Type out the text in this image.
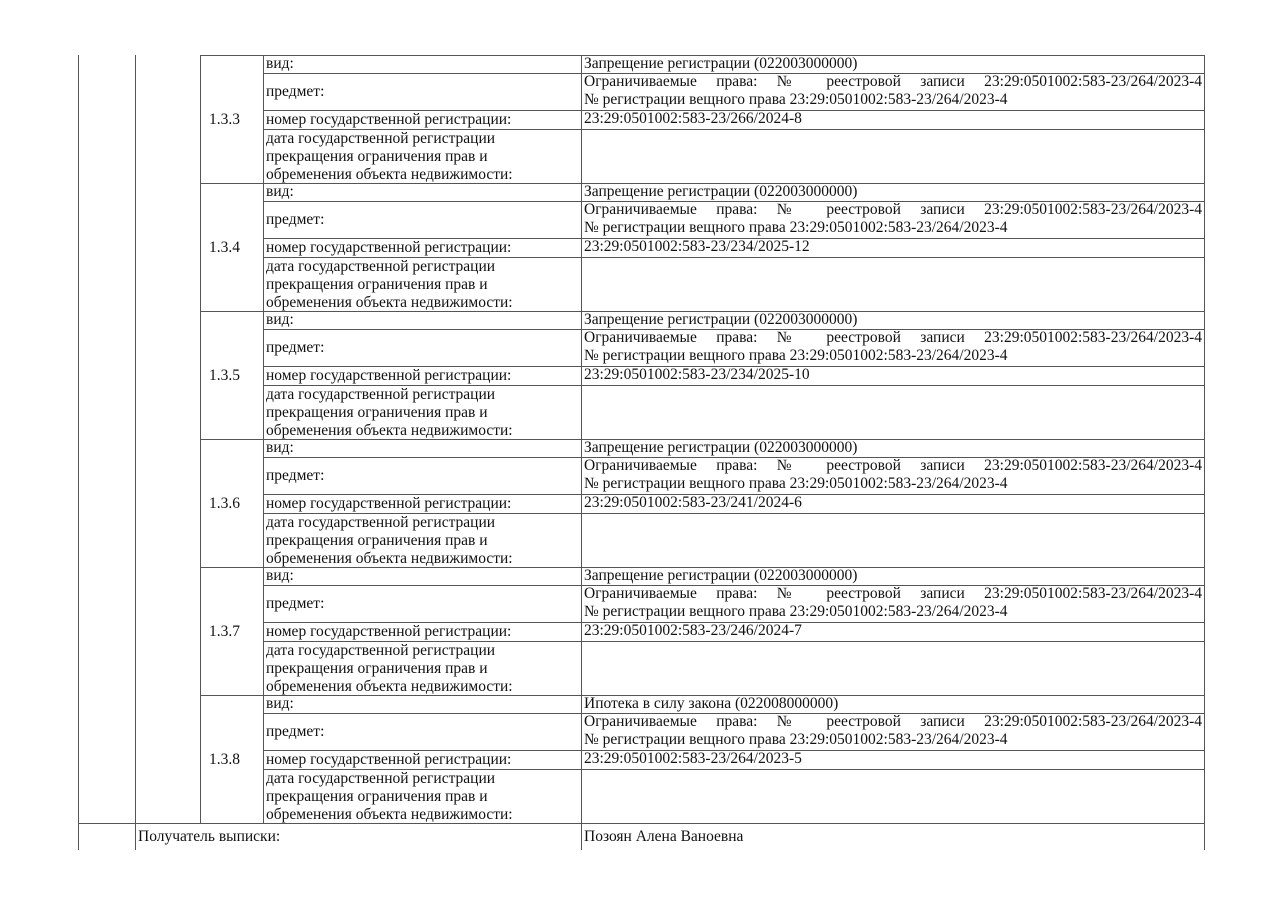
1.3.3
вид:
предмет:
номер государственной регистрации:
дата государственной регистрации
прекращения ограничения прав и
обременения объекта недвижимости:
Запрещение регистрации (022003000000)
Ограничиваемые права: № реестровой записи 23:29:0501002:583-23/264/2023-4
№ регистрации вещного права 23:29:0501002:583-23/264/2023-4
23:29:0501002:583-23/266/2024-8
1.3.4
вид:
предмет:
номер государственной регистрации:
дата государственной регистрации
прекращения ограничения прав и
обременения объекта недвижимости:
Запрещение регистрации (022003000000)
Ограничиваемые права: № реестровой записи 23:29:0501002:583-23/264/2023-4
№ регистрации вещного права 23:29:0501002:583-23/264/2023-4
23:29:0501002:583-23/234/2025-12
1.3.5
вид:
предмет:
номер государственной регистрации:
дата государственной регистрации
прекращения ограничения прав и
обременения объекта недвижимости:
Запрещение регистрации (022003000000)
Ограничиваемые права: № реестровой записи 23:29:0501002:583-23/264/2023-4
№ регистрации вещного права 23:29:0501002:583-23/264/2023-4
23:29:0501002:583-23/234/2025-10
1.3.6
вид:
предмет:
номер государственной регистрации:
дата государственной регистрации
прекращения ограничения прав и
обременения объекта недвижимости:
Запрещение регистрации (022003000000)
Ограничиваемые права: № реестровой записи 23:29:0501002:583-23/264/2023-4
№ регистрации вещного права 23:29:0501002:583-23/264/2023-4
23:29:0501002:583-23/241/2024-6
1.3.7
вид:
предмет:
номер государственной регистрации:
дата государственной регистрации
прекращения ограничения прав и
обременения объекта недвижимости:
Запрещение регистрации (022003000000)
Ограничиваемые права: № реестровой записи 23:29:0501002:583-23/264/2023-4
№ регистрации вещного права 23:29:0501002:583-23/264/2023-4
23:29:0501002:583-23/246/2024-7
1.3.8
вид:
предмет:
номер государственной регистрации:
дата государственной регистрации
прекращения ограничения прав и
обременения объекта недвижимости:
Ипотека в силу закона (022008000000)
Ограничиваемые права: № реестровой записи 23:29:0501002:583-23/264/2023-4
№ регистрации вещного права 23:29:0501002:583-23/264/2023-4
23:29:0501002:583-23/264/2023-5
Получатель выписки:	Позоян Алена Ваноевна
